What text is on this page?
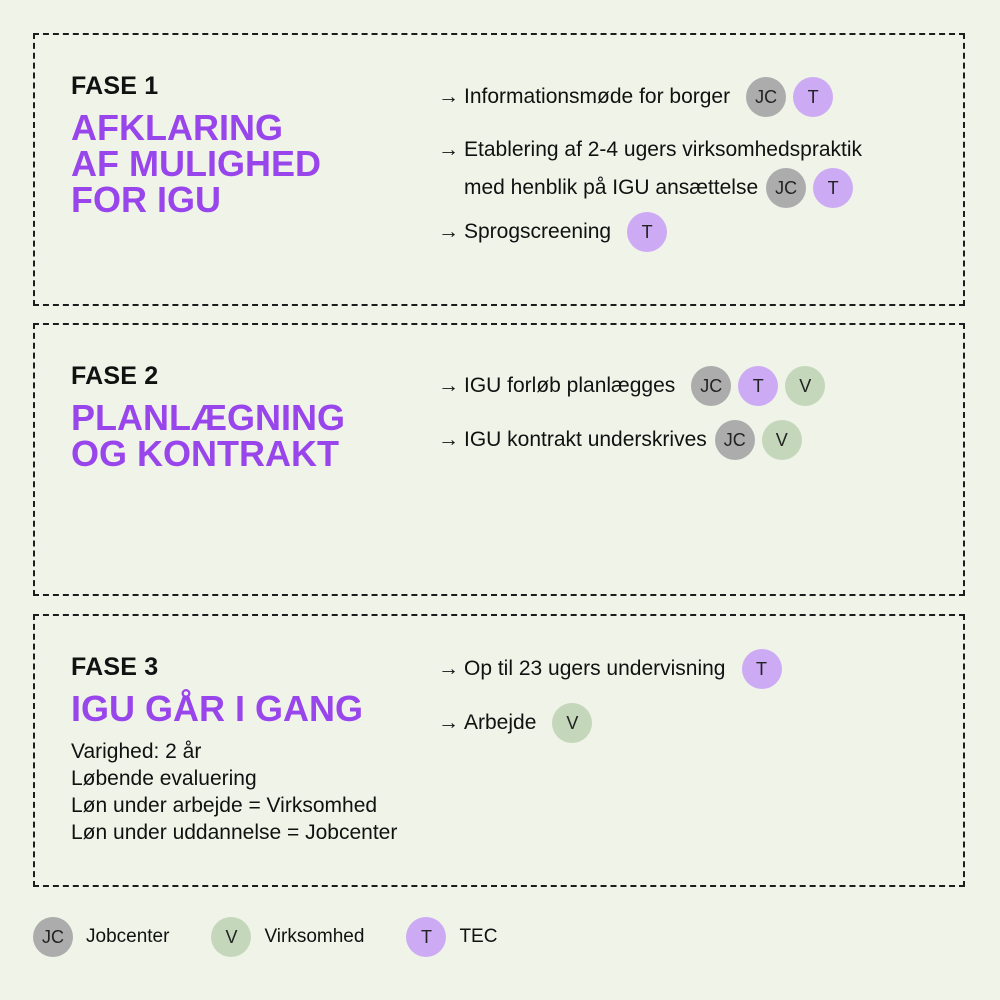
FASE 1
AFKLARING
AF MULIGHED
FOR IGU
→ Informationsmøde for borger	JC	T
→ Etablering af 2-4 ugers virksomhedspraktik
med henblik på IGU ansættelse JC	T
→ Sprogscreening	T
FASE 2
PLANLÆGNING
OG KONTRAKT
→ IGU forløb planlægges	JC	T	V
→ IGU kontrakt underskrives JC	V
FASE 3
IGU GÅR I GANG
Varighed: 2 år
Løbende evaluering
Løn under arbejde = Virksomhed
Løn under uddannelse = Jobcenter
→ Op til 23 ugers undervisning	T
→ Arbejde	V
JC	Jobcenter	V	Virksomhed	T	TEC
